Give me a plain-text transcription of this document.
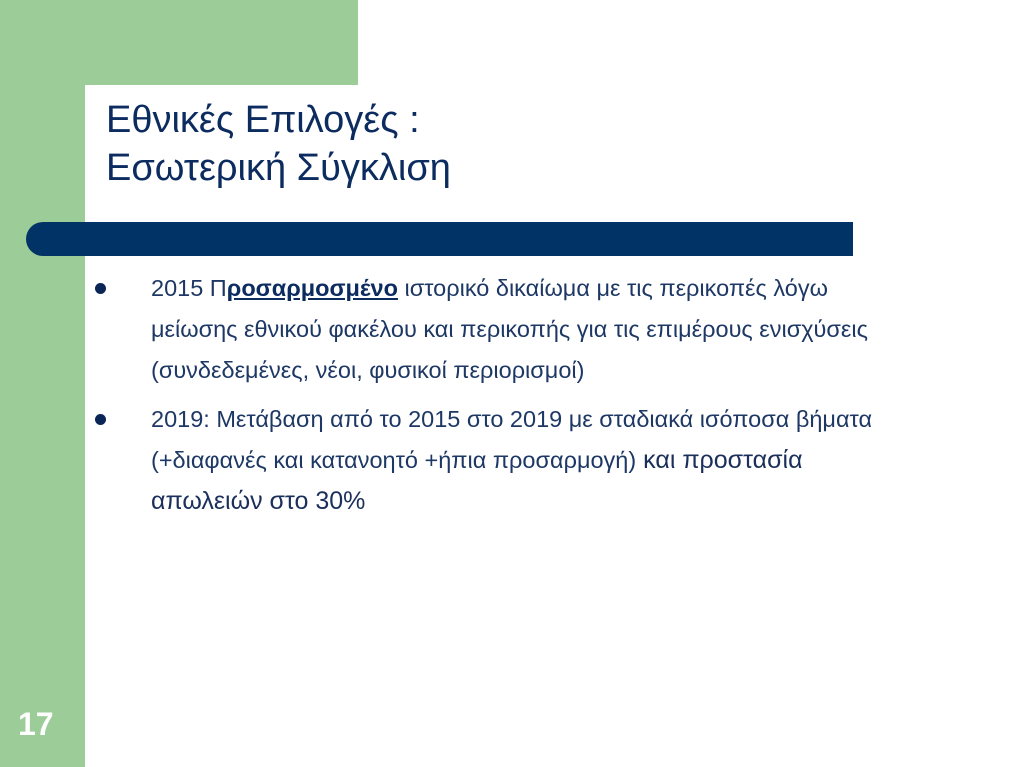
Εθνικές Επιλογές :
Εσωτερική Σύγκλιση
2015 Προσαρμοσμένο ιστορικό δικαίωμα με τις περικοπές λόγω μείωσης εθνικού φακέλου και περικοπής για τις επιμέρους ενισχύσεις (συνδεδεμένες, νέοι, φυσικοί περιορισμοί)
2019: Μετάβαση από το 2015 στο 2019 με σταδιακά ισόποσα βήματα (+διαφανές και κατανοητό +ήπια προσαρμογή) και προστασία απωλειών στο 30%

17
